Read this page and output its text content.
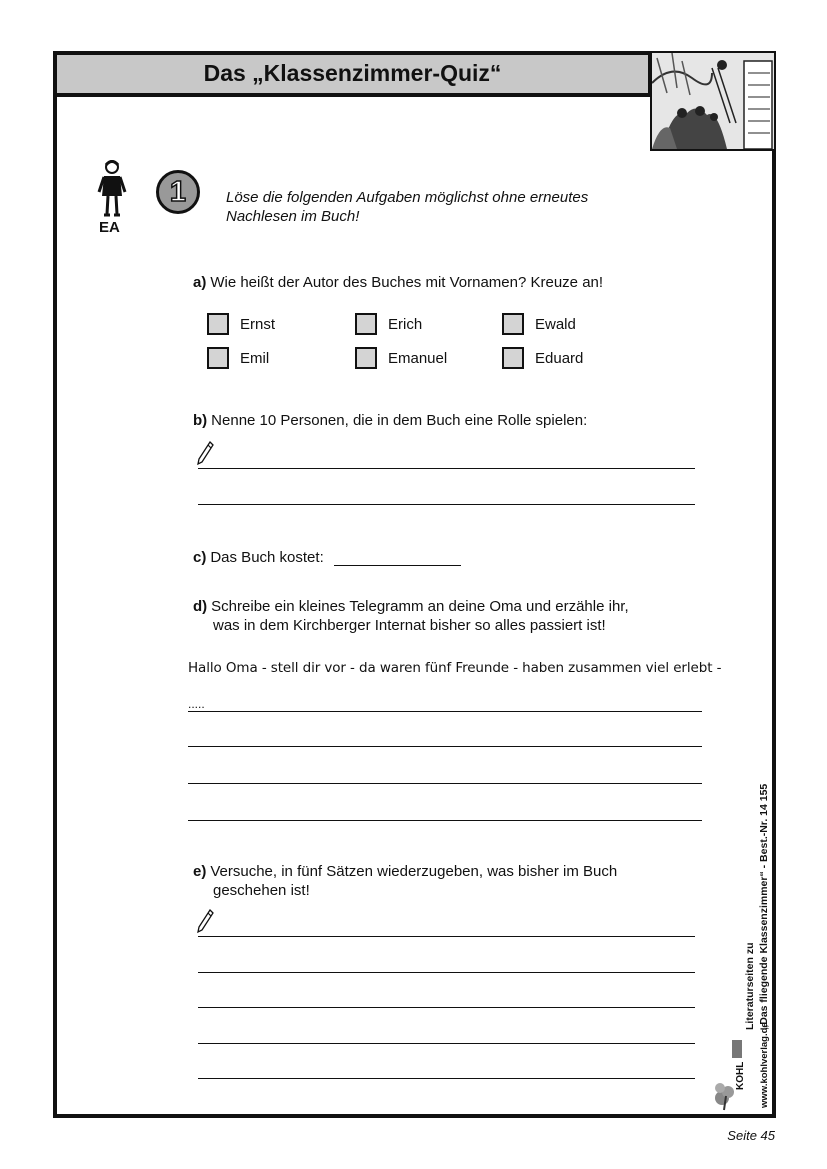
Das „Klassenzimmer-Quiz“
EA
1	Löse die folgenden Aufgaben möglichst ohne erneutes
Nachlesen im Buch!
a) Wie heißt der Autor des Buches mit Vornamen? Kreuze an!
Ernst	Erich	Ewald
Emil	Emanuel	Eduard
b) Nenne 10 Personen, die in dem Buch eine Rolle spielen:
c) Das Buch kostet:
d) Schreibe ein kleines Telegramm an deine Oma und erzähle ihr,
was in dem Kirchberger Internat bisher so alles passiert ist!
Hallo Oma - stell dir vor - da waren fünf Freunde - haben zusammen viel erlebt -
.....
e) Versuche, in fünf Sätzen wiederzugeben, was bisher im Buch
geschehen ist!
Literaturseiten zu „Das fliegende Klassenzimmer“ - Best.-Nr. 14 155
www.kohlverlag.de
KOHL
Seite 45
